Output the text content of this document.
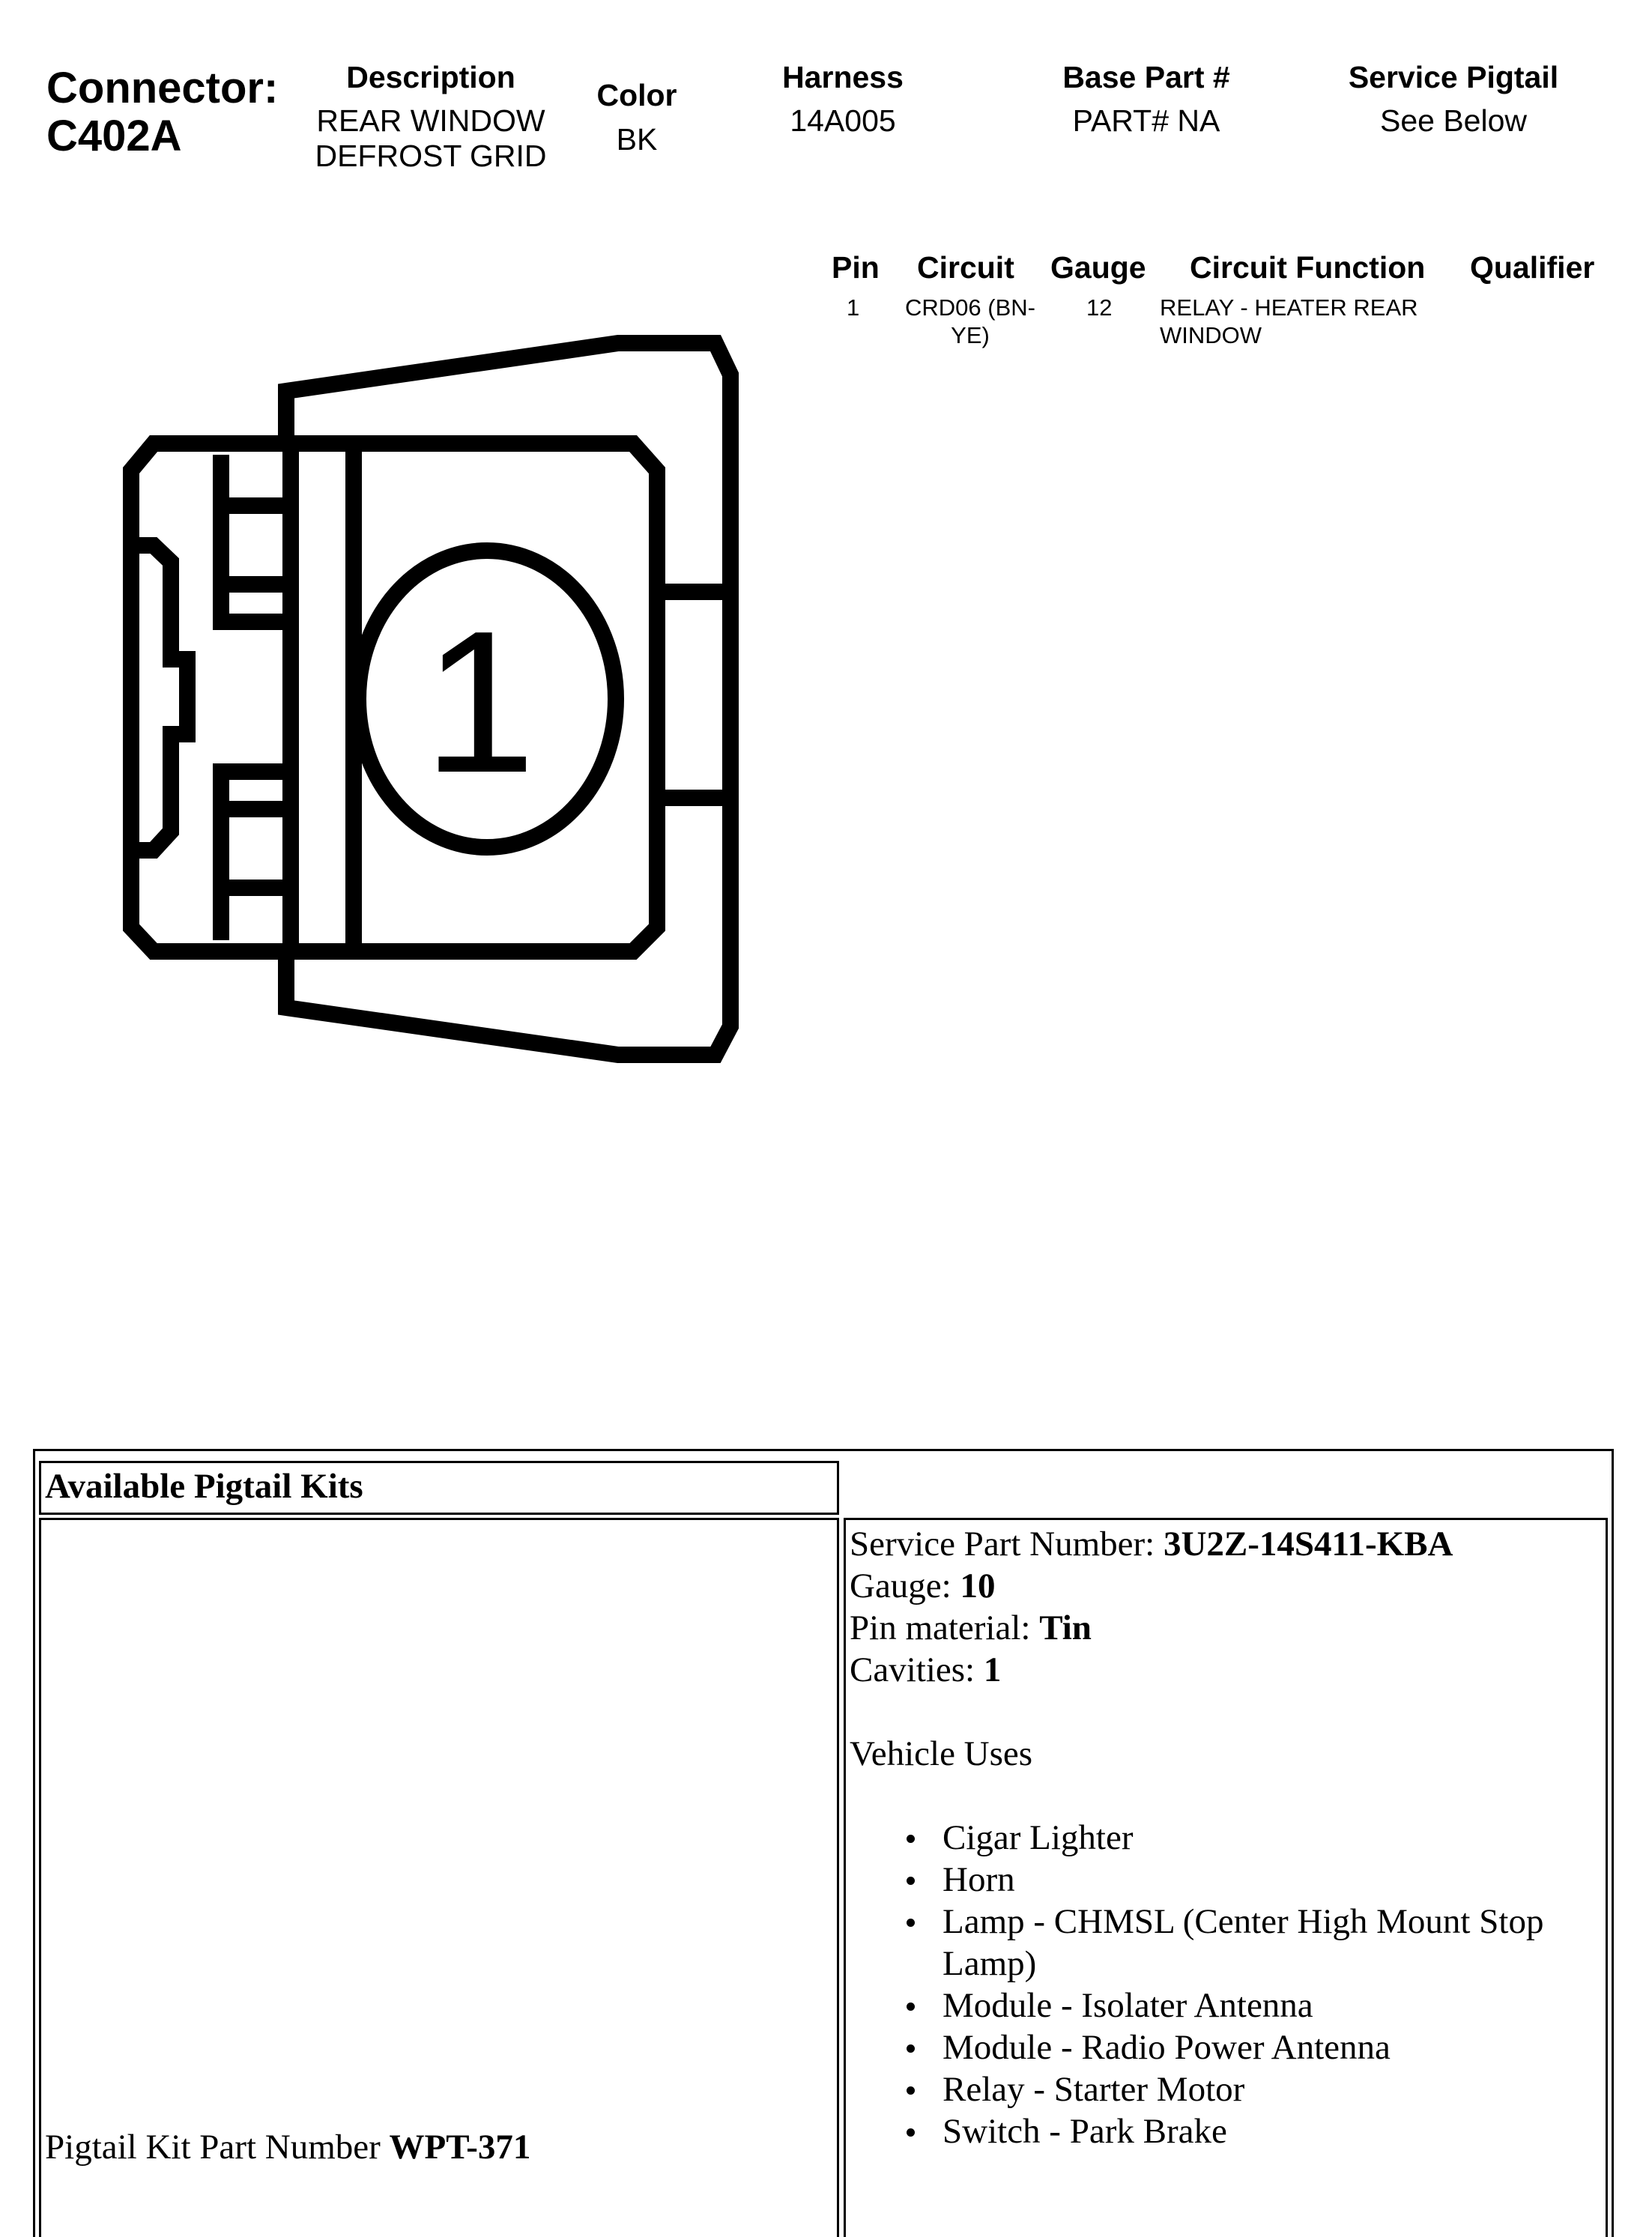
Connector:
C402A
Description
REAR WINDOW
DEFROST GRID
Color
BK
Harness
14A005
Base Part #
PART# NA
Service Pigtail
See Below
Pin Circuit Gauge Circuit Function Qualifier
1	CRD06 (BN-
YE)
12 RELAY - HEATER REAR
WINDOW
1
Available Pigtail Kits
Pigtail Kit Part Number WPT-371
Service Part Number: 3U2Z-14S411-KBA
Gauge: 10
Pin material: Tin
Cavities: 1
Vehicle Uses
Cigar Lighter
Horn
Lamp - CHMSL (Center High Mount Stop Lamp)
Module - Isolater Antenna
Module - Radio Power Antenna
Relay - Starter Motor
Switch - Park Brake
